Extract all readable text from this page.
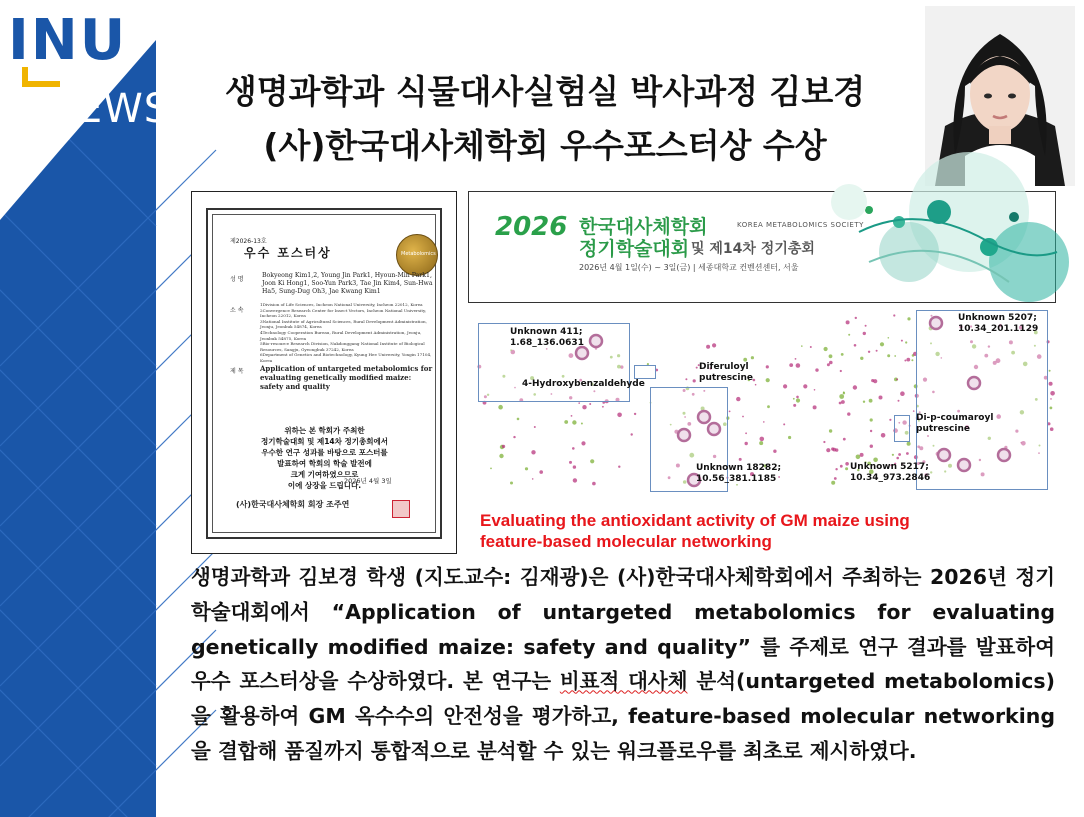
INU
NEWS	생명과학과 식물대사실험실 박사과정 김보경
(사)한국대사체학회 우수포스터상 수상
제2026-13호
우수 포스터상	Metabolomics
성 명
Bokyeong Kim1,2, Young Jin Park1, Hyoun-Min Park1, Joon Ki Hong1, Soo-Yun Park3, Tae Jin Kim4, Sun-Hwa Ha5, Sung-Dug Oh3, Jae Kwang Kim1
소 속
1Division of Life Sciences, Incheon National University, Incheon 22012, Korea
2Convergence Research Center for Insect Vectors, Incheon National University, Incheon 22012, Korea
3National Institute of Agricultural Sciences, Rural Development Administration, Jeonju, Jeonbuk 54874, Korea
4Technology Cooperation Bureau, Rural Development Administration, Jeonju, Jeonbuk 54875, Korea
5Bio-resource Research Division, Nakdonggang National Institute of Biological Resources, Sangju, Gyeongbuk 37242, Korea
6Department of Genetics and Biotechnology, Kyung Hee University, Yongin 17104, Korea
제 목 Application of untargeted metabolomics for evaluating genetically modified maize: safety and quality
위하는 본 학회가 주최한
정기학술대회 및 제14차 정기총회에서
우수한 연구 성과를 바탕으로 포스터를
발표하여 학회의 학술 발전에
크게 기여하였으므로
이에 상장을 드립니다.
2026년 4월 3일
(사)한국대사체학회 회장 조주연
2026 한국대사체학회	KOREA METABOLOMICS SOCIETY
정기학술대회 및 제14차 정기총회
2026년 4월 1일(수) ~ 3일(금) | 세종대학교 컨벤션센터, 서울
Unknown 411;
1.68_136.0631
4-Hydroxybenzaldehyde
Diferuloyl
putrescine
Unknown 18282;
10.56_381.1185
Unknown 5207;
10.34_201.1129
Di-p-coumaroyl
putrescine
Unknown 5217;
10.34_973.2846
Evaluating the antioxidant activity of GM maize using
feature-based molecular networking
생명과학과 김보경 학생 (지도교수: 김재광)은 (사)한국대사체학회에서 주최하는 2026년 정기학술대회에서 “Application of untargeted metabolomics for evaluating genetically modified maize: safety and quality” 를 주제로 연구 결과를 발표하여 우수 포스터상을 수상하였다. 본 연구는 비표적 대사체 분석(untargeted metabolomics)을 활용하여 GM 옥수수의 안전성을 평가하고, feature-based molecular networking을 결합해 품질까지 통합적으로 분석할 수 있는 워크플로우를 최초로 제시하였다.
